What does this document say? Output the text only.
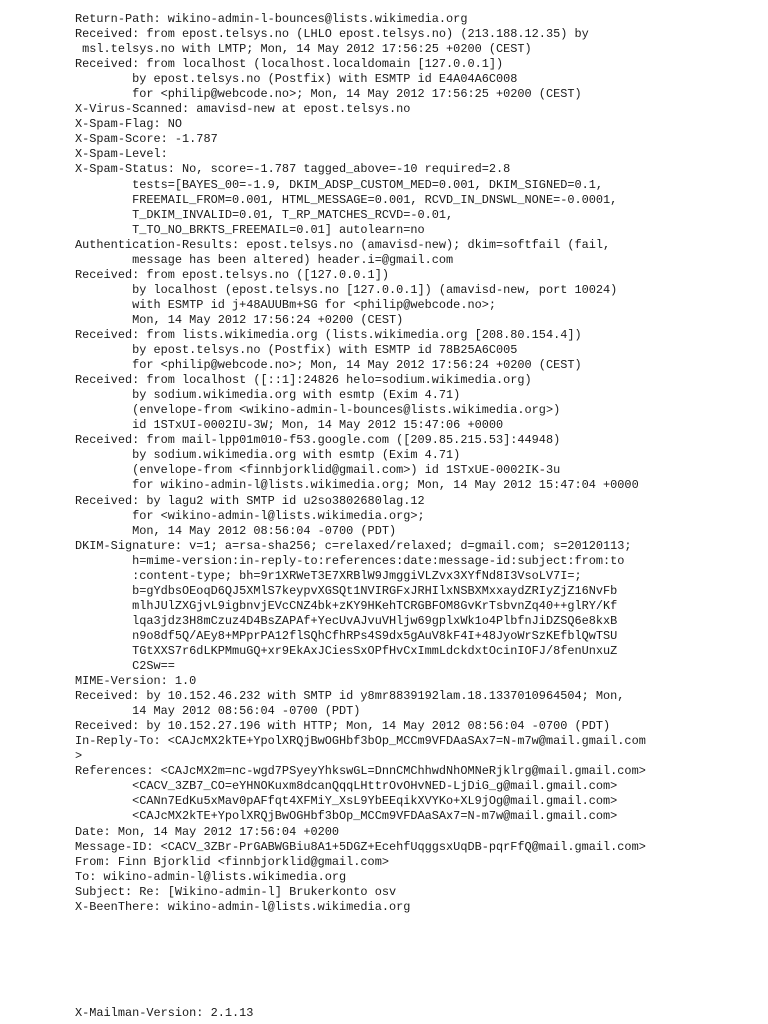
Return-Path: wikino-admin-l-bounces@lists.wikimedia.org
Received: from epost.telsys.no (LHLO epost.telsys.no) (213.188.12.35) by
msl.telsys.no with LMTP; Mon, 14 May 2012 17:56:25 +0200 (CEST)
Received: from localhost (localhost.localdomain [127.0.0.1])
by epost.telsys.no (Postfix) with ESMTP id E4A04A6C008
for <philip@webcode.no>; Mon, 14 May 2012 17:56:25 +0200 (CEST)
X-Virus-Scanned: amavisd-new at epost.telsys.no
X-Spam-Flag: NO
X-Spam-Score: -1.787
X-Spam-Level:
X-Spam-Status: No, score=-1.787 tagged_above=-10 required=2.8
tests=[BAYES_00=-1.9, DKIM_ADSP_CUSTOM_MED=0.001, DKIM_SIGNED=0.1,
FREEMAIL_FROM=0.001, HTML_MESSAGE=0.001, RCVD_IN_DNSWL_NONE=-0.0001,
T_DKIM_INVALID=0.01, T_RP_MATCHES_RCVD=-0.01,
T_TO_NO_BRKTS_FREEMAIL=0.01] autolearn=no
Authentication-Results: epost.telsys.no (amavisd-new); dkim=softfail (fail,
message has been altered) header.i=@gmail.com
Received: from epost.telsys.no ([127.0.0.1])
by localhost (epost.telsys.no [127.0.0.1]) (amavisd-new, port 10024)
with ESMTP id j+48AUUBm+SG for <philip@webcode.no>;
Mon, 14 May 2012 17:56:24 +0200 (CEST)
Received: from lists.wikimedia.org (lists.wikimedia.org [208.80.154.4])
by epost.telsys.no (Postfix) with ESMTP id 78B25A6C005
for <philip@webcode.no>; Mon, 14 May 2012 17:56:24 +0200 (CEST)
Received: from localhost ([::1]:24826 helo=sodium.wikimedia.org)
by sodium.wikimedia.org with esmtp (Exim 4.71)
(envelope-from <wikino-admin-l-bounces@lists.wikimedia.org>)
id 1STxUI-0002IU-3W; Mon, 14 May 2012 15:47:06 +0000
Received: from mail-lpp01m010-f53.google.com ([209.85.215.53]:44948)
by sodium.wikimedia.org with esmtp (Exim 4.71)
(envelope-from <finnbjorklid@gmail.com>) id 1STxUE-0002IK-3u
for wikino-admin-l@lists.wikimedia.org; Mon, 14 May 2012 15:47:04 +0000
Received: by lagu2 with SMTP id u2so3802680lag.12
for <wikino-admin-l@lists.wikimedia.org>;
Mon, 14 May 2012 08:56:04 -0700 (PDT)
DKIM-Signature: v=1; a=rsa-sha256; c=relaxed/relaxed; d=gmail.com; s=20120113;
h=mime-version:in-reply-to:references:date:message-id:subject:from:to
:content-type; bh=9r1XRWeT3E7XRBlW9JmggiVLZvx3XYfNd8I3VsoLV7I=;
b=gYdbsOEoqD6QJ5XMlS7keypvXGSQt1NVIRGFxJRHIlxNSBXMxxaydZRIyZjZ16NvFb
mlhJUlZXGjvL9igbnvjEVcCNZ4bk+zKY9HKehTCRGBFOM8GvKrTsbvnZq40++glRY/Kf
lqa3jdz3H8mCzuz4D4BsZAPAf+YecUvAJvuVHljw69gplxWk1o4PlbfnJiDZSQ6e8kxB
n9o8df5Q/AEy8+MPprPA12flSQhCfhRPs4S9dx5gAuV8kF4I+48JyoWrSzKEfblQwTSU
TGtXXS7r6dLKPMmuGQ+xr9EkAxJCiesSxOPfHvCxImmLdckdxtOcinIOFJ/8fenUnxuZ
C2Sw==
MIME-Version: 1.0
Received: by 10.152.46.232 with SMTP id y8mr8839192lam.18.1337010964504; Mon,
14 May 2012 08:56:04 -0700 (PDT)
Received: by 10.152.27.196 with HTTP; Mon, 14 May 2012 08:56:04 -0700 (PDT)
In-Reply-To: <CAJcMX2kTE+YpolXRQjBwOGHbf3bOp_MCCm9VFDAaSAx7=N-m7w@mail.gmail.com
>
References: <CAJcMX2m=nc-wgd7PSyeyYhkswGL=DnnCMChhwdNhOMNeRjklrg@mail.gmail.com>
<CACV_3ZB7_CO=eYHNOKuxm8dcanQqqLHttrOvOHvNED-LjDiG_g@mail.gmail.com>
<CANn7EdKu5xMav0pAFfqt4XFMiY_XsL9YbEEqikXVYKo+XL9jOg@mail.gmail.com>
<CAJcMX2kTE+YpolXRQjBwOGHbf3bOp_MCCm9VFDAaSAx7=N-m7w@mail.gmail.com>
Date: Mon, 14 May 2012 17:56:04 +0200
Message-ID: <CACV_3ZBr-PrGABWGBiu8A1+5DGZ+EcehfUqggsxUqDB-pqrFfQ@mail.gmail.com>
From: Finn Bjorklid <finnbjorklid@gmail.com>
To: wikino-admin-l@lists.wikimedia.org
Subject: Re: [Wikino-admin-l] Brukerkonto osv
X-BeenThere: wikino-admin-l@lists.wikimedia.org
X-Mailman-Version: 2.1.13
